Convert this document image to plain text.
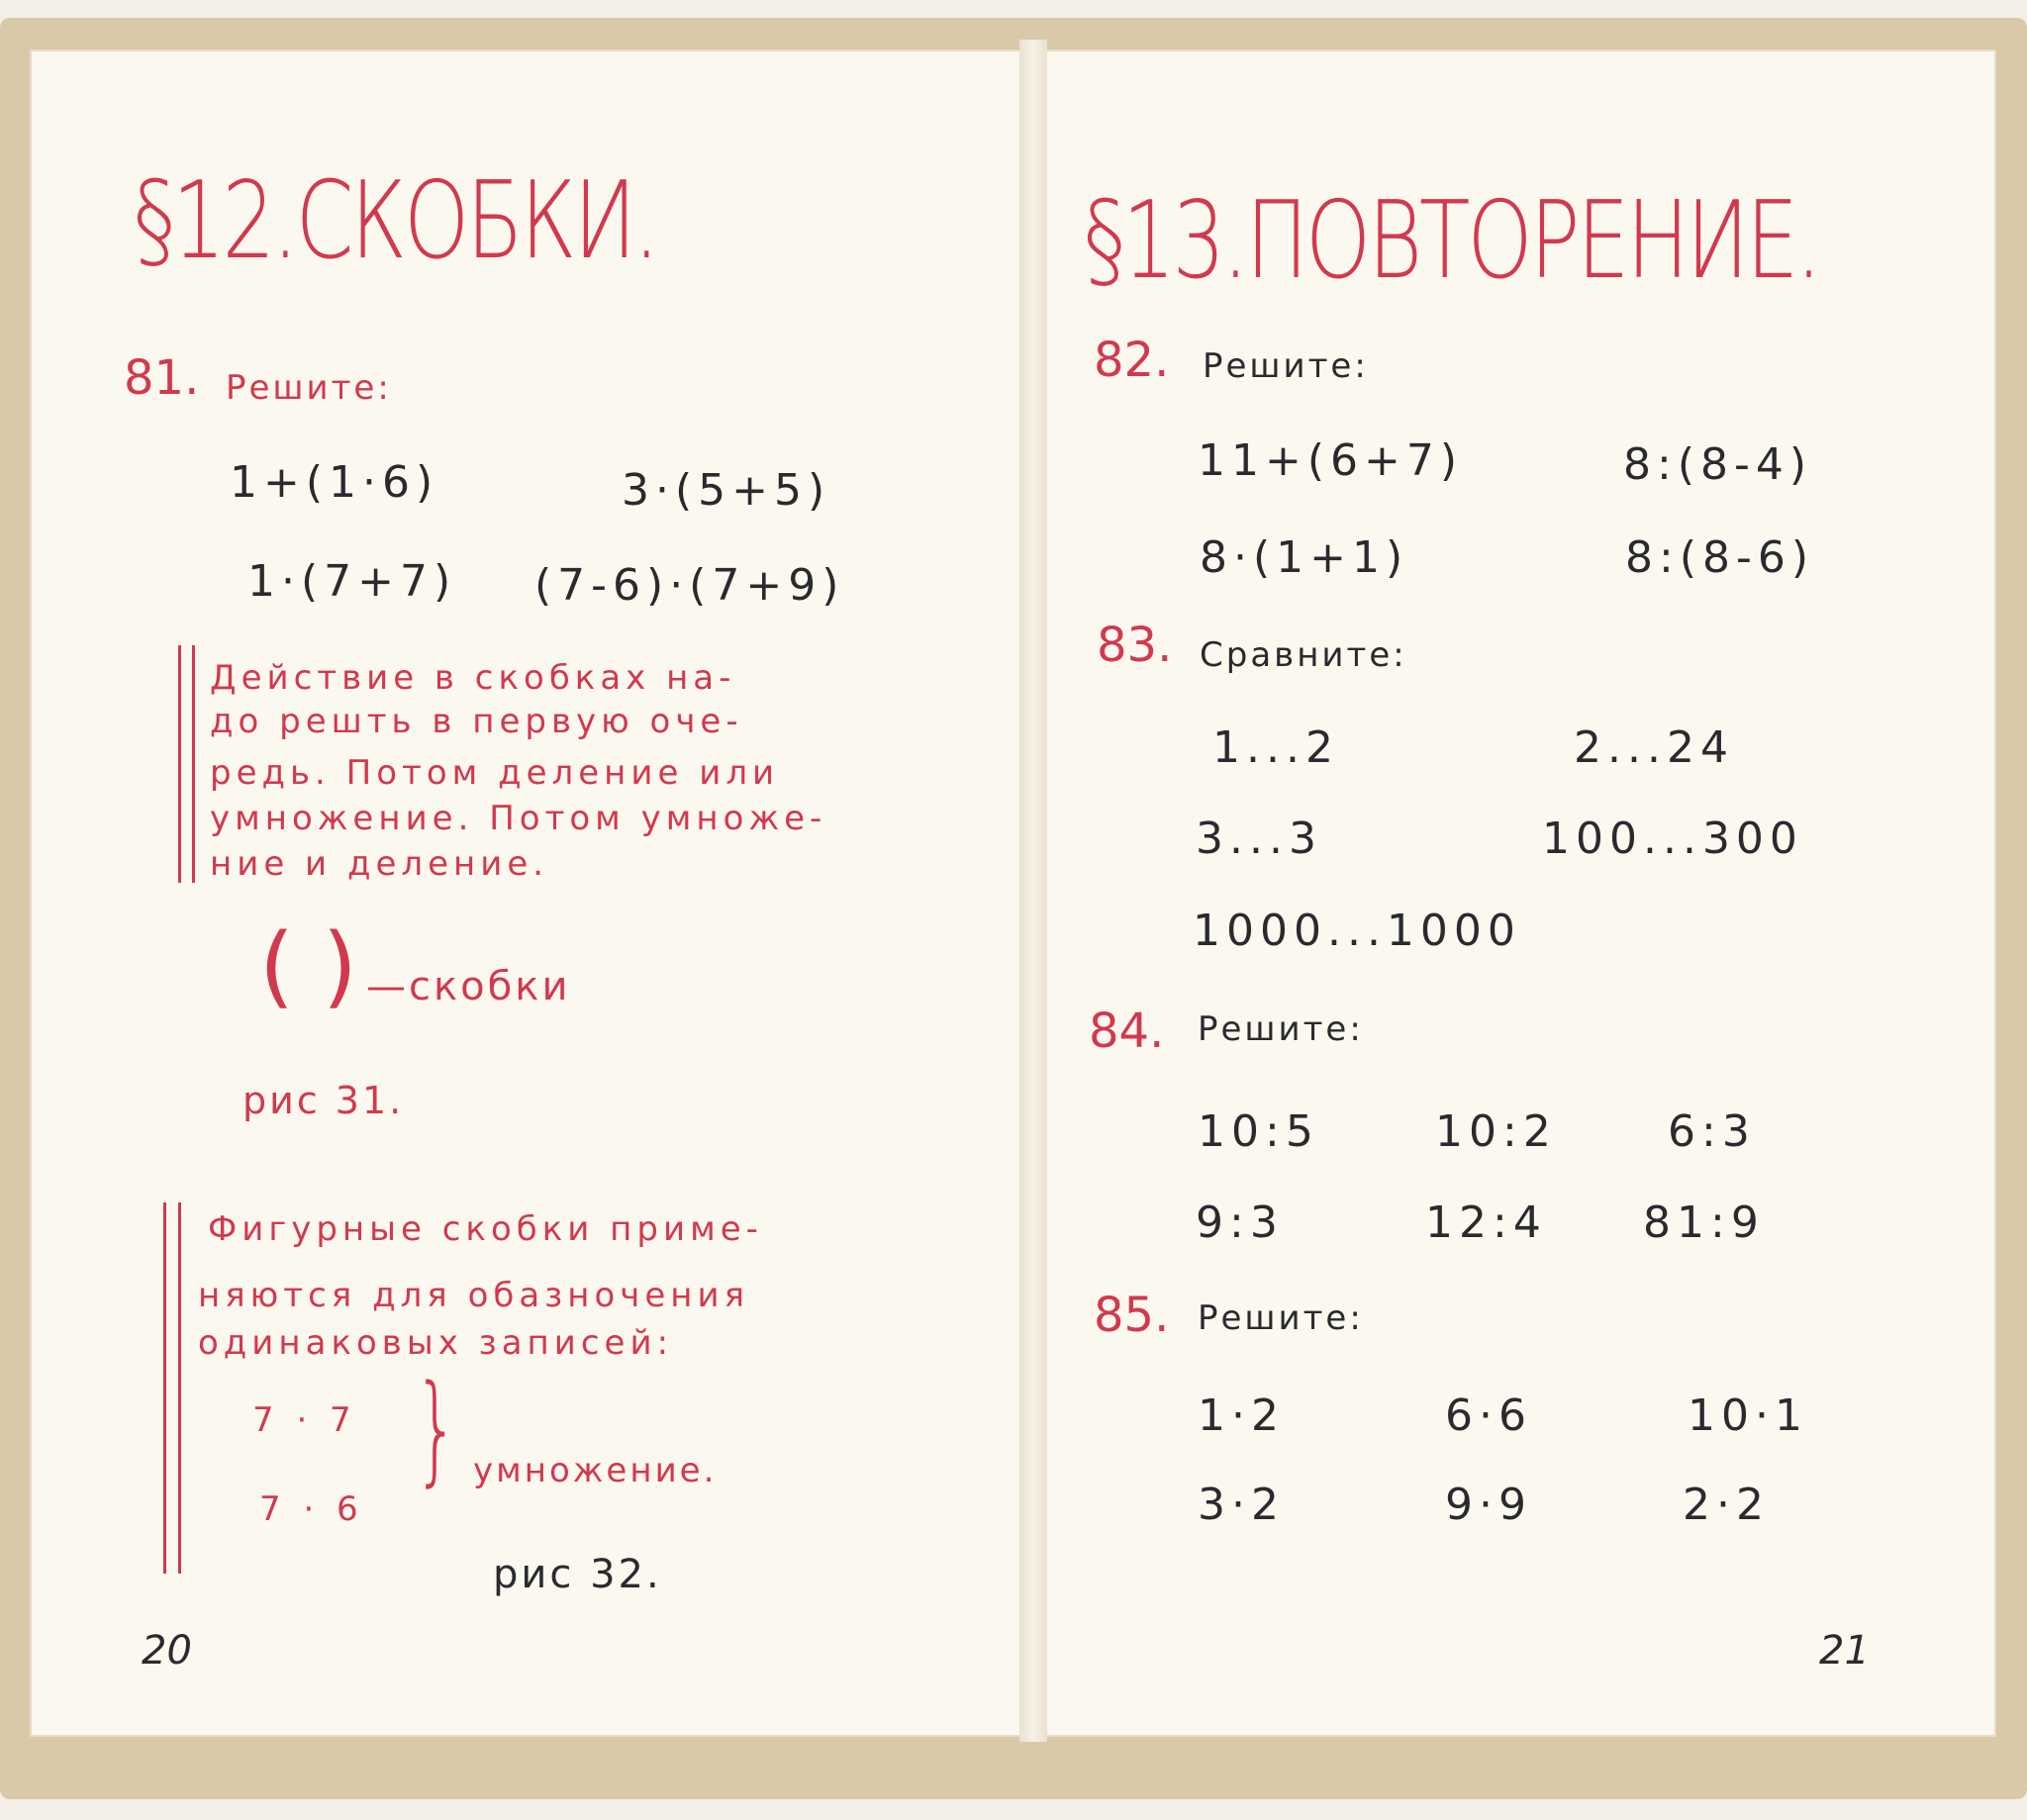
§12.СКОБКИ.
81. Решите:
1+(1·6)	3·(5+5)
1·(7+7) (7-6)·(7+9)
Действие в скобках на-
до решть в первую оче-
редь. Потом деление или
умножение. Потом умноже-
ние и деление.
( ) —скобки
рис 31.
Фигурные скобки приме-
няются для обазночения
одинаковых записей:
7 · 7
7 · 6
} умножение.
рис 32.
20
§13.ПОВТОРЕНИЕ.
82. Решите:
11+(6+7)	8:(8-4)
8·(1+1)	8:(8-6)
83. Сравните:
1...2	2...24
3...3	100...300
1000...1000
84. Решите:
10:5	10:2	6:3
9:3	12:4 81:9
85. Решите:
1·2	6·6	10·1
3·2	9·9	2·2
21
